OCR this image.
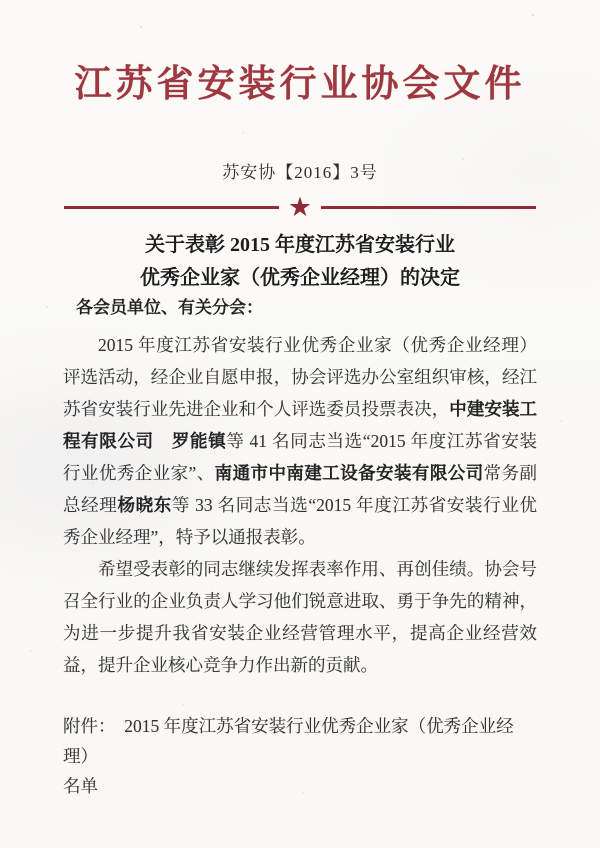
江苏省安装行业协会文件
苏安协【2016】3号
★
关于表彰 2015 年度江苏省安装行业
优秀企业家（优秀企业经理）的决定

各会员单位、有关分会：

2015 年度江苏省安装行业优秀企业家（优秀企业经理）评选活动，经企业自愿申报，协会评选办公室组织审核，经江苏省安装行业先进企业和个人评选委员投票表决，中建安装工程有限公司　罗能镇等 41 名同志当选“2015 年度江苏省安装行业优秀企业家”、南通市中南建工设备安装有限公司常务副总经理杨晓东等 33 名同志当选“2015 年度江苏省安装行业优秀企业经理”，特予以通报表彰。

希望受表彰的同志继续发挥表率作用、再创佳绩。协会号召全行业的企业负责人学习他们锐意进取、勇于争先的精神，为进一步提升我省安装企业经营管理水平，提高企业经营效益，提升企业核心竞争力作出新的贡献。

附件：　2015 年度江苏省安装行业优秀企业家（优秀企业经理）
名单
